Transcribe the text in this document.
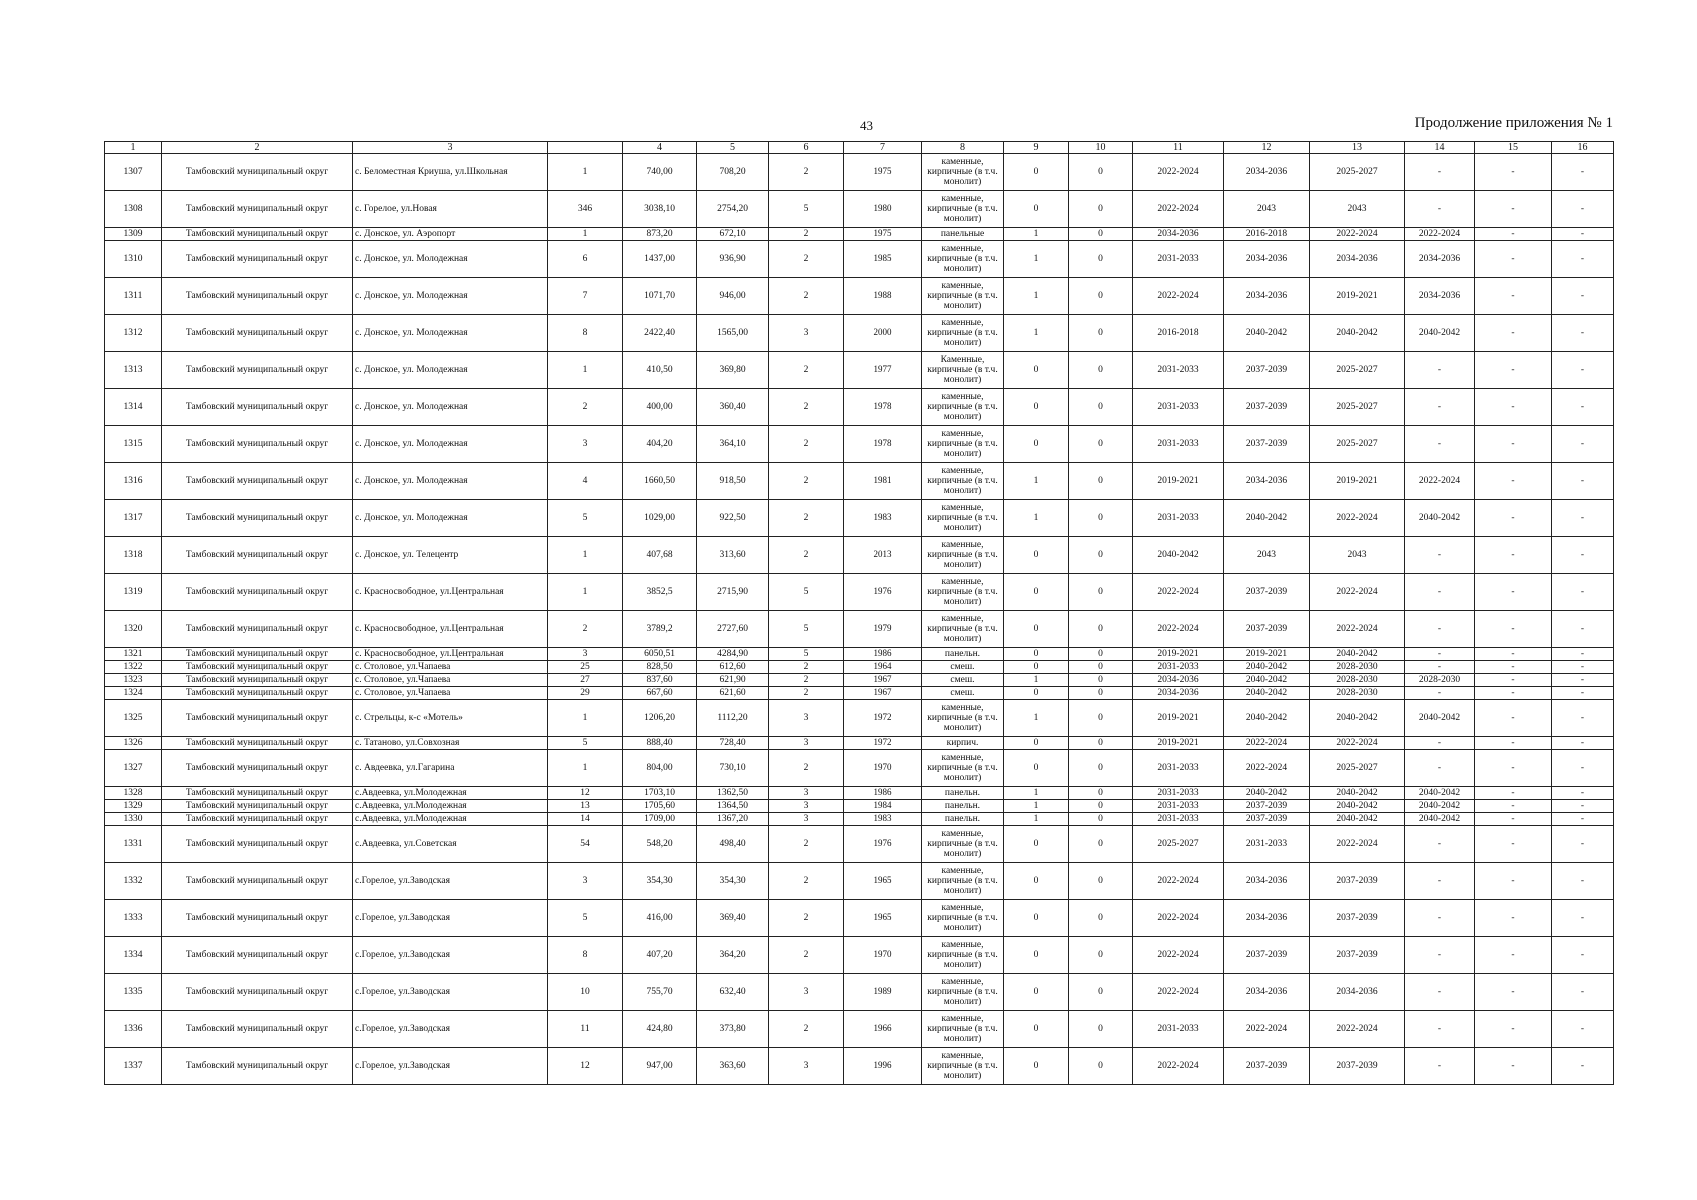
43	Продолжение приложения № 1
1	2	3		4	5	6	7	8	9	10	11	12	13	14	15	16
1307	Тамбовский муниципальный округ	с. Беломестная Криуша, ул.Школьная	1	740,00	708,20	2	1975	каменные, кирпичные (в т.ч. монолит)	0	0	2022-2024	2034-2036	2025-2027	-	-	-
1308	Тамбовский муниципальный округ	с. Горелое, ул.Новая	346	3038,10	2754,20	5	1980	каменные, кирпичные (в т.ч. монолит)	0	0	2022-2024	2043	2043	-	-	-
1309	Тамбовский муниципальный округ	с. Донское, ул. Аэропорт	1	873,20	672,10	2	1975	панельные	1	0	2034-2036	2016-2018	2022-2024	2022-2024	-	-
1310	Тамбовский муниципальный округ	с. Донское, ул. Молодежная	6	1437,00	936,90	2	1985	каменные, кирпичные (в т.ч. монолит)	1	0	2031-2033	2034-2036	2034-2036	2034-2036	-	-
1311	Тамбовский муниципальный округ	с. Донское, ул. Молодежная	7	1071,70	946,00	2	1988	каменные, кирпичные (в т.ч. монолит)	1	0	2022-2024	2034-2036	2019-2021	2034-2036	-	-
1312	Тамбовский муниципальный округ	с. Донское, ул. Молодежная	8	2422,40	1565,00	3	2000	каменные, кирпичные (в т.ч. монолит)	1	0	2016-2018	2040-2042	2040-2042	2040-2042	-	-
1313	Тамбовский муниципальный округ	с. Донское, ул. Молодежная	1	410,50	369,80	2	1977	Каменные, кирпичные (в т.ч. монолит)	0	0	2031-2033	2037-2039	2025-2027	-	-	-
1314	Тамбовский муниципальный округ	с. Донское, ул. Молодежная	2	400,00	360,40	2	1978	каменные, кирпичные (в т.ч. монолит)	0	0	2031-2033	2037-2039	2025-2027	-	-	-
1315	Тамбовский муниципальный округ	с. Донское, ул. Молодежная	3	404,20	364,10	2	1978	каменные, кирпичные (в т.ч. монолит)	0	0	2031-2033	2037-2039	2025-2027	-	-	-
1316	Тамбовский муниципальный округ	с. Донское, ул. Молодежная	4	1660,50	918,50	2	1981	каменные, кирпичные (в т.ч. монолит)	1	0	2019-2021	2034-2036	2019-2021	2022-2024	-	-
1317	Тамбовский муниципальный округ	с. Донское, ул. Молодежная	5	1029,00	922,50	2	1983	каменные, кирпичные (в т.ч. монолит)	1	0	2031-2033	2040-2042	2022-2024	2040-2042	-	-
1318	Тамбовский муниципальный округ	с. Донское, ул. Телецентр	1	407,68	313,60	2	2013	каменные, кирпичные (в т.ч. монолит)	0	0	2040-2042	2043	2043	-	-	-
1319	Тамбовский муниципальный округ	с. Красносвободное, ул.Центральная	1	3852,5	2715,90	5	1976	каменные, кирпичные (в т.ч. монолит)	0	0	2022-2024	2037-2039	2022-2024	-	-	-
1320	Тамбовский муниципальный округ	с. Красносвободное, ул.Центральная	2	3789,2	2727,60	5	1979	каменные, кирпичные (в т.ч. монолит)	0	0	2022-2024	2037-2039	2022-2024	-	-	-
1321	Тамбовский муниципальный округ	с. Красносвободное, ул.Центральная	3	6050,51	4284,90	5	1986	панельн.	0	0	2019-2021	2019-2021	2040-2042	-	-	-
1322	Тамбовский муниципальный округ	с. Столовое, ул.Чапаева	25	828,50	612,60	2	1964	смеш.	0	0	2031-2033	2040-2042	2028-2030	-	-	-
1323	Тамбовский муниципальный округ	с. Столовое, ул.Чапаева	27	837,60	621,90	2	1967	смеш.	1	0	2034-2036	2040-2042	2028-2030	2028-2030	-	-
1324	Тамбовский муниципальный округ	с. Столовое, ул.Чапаева	29	667,60	621,60	2	1967	смеш.	0	0	2034-2036	2040-2042	2028-2030	-	-	-
1325	Тамбовский муниципальный округ	с. Стрельцы, к-с «Мотель»	1	1206,20	1112,20	3	1972	каменные, кирпичные (в т.ч. монолит)	1	0	2019-2021	2040-2042	2040-2042	2040-2042	-	-
1326	Тамбовский муниципальный округ	с. Татаново, ул.Совхозная	5	888,40	728,40	3	1972	кирпич.	0	0	2019-2021	2022-2024	2022-2024	-	-	-
1327	Тамбовский муниципальный округ	с. Авдеевка, ул.Гагарина	1	804,00	730,10	2	1970	каменные, кирпичные (в т.ч. монолит)	0	0	2031-2033	2022-2024	2025-2027	-	-	-
1328	Тамбовский муниципальный округ	с.Авдеевка, ул.Молодежная	12	1703,10	1362,50	3	1986	панельн.	1	0	2031-2033	2040-2042	2040-2042	2040-2042	-	-
1329	Тамбовский муниципальный округ	с.Авдеевка, ул.Молодежная	13	1705,60	1364,50	3	1984	панельн.	1	0	2031-2033	2037-2039	2040-2042	2040-2042	-	-
1330	Тамбовский муниципальный округ	с.Авдеевка, ул.Молодежная	14	1709,00	1367,20	3	1983	панельн.	1	0	2031-2033	2037-2039	2040-2042	2040-2042	-	-
1331	Тамбовский муниципальный округ	с.Авдеевка, ул.Советская	54	548,20	498,40	2	1976	каменные, кирпичные (в т.ч. монолит)	0	0	2025-2027	2031-2033	2022-2024	-	-	-
1332	Тамбовский муниципальный округ	с.Горелое, ул.Заводская	3	354,30	354,30	2	1965	каменные, кирпичные (в т.ч. монолит)	0	0	2022-2024	2034-2036	2037-2039	-	-	-
1333	Тамбовский муниципальный округ	с.Горелое, ул.Заводская	5	416,00	369,40	2	1965	каменные, кирпичные (в т.ч. монолит)	0	0	2022-2024	2034-2036	2037-2039	-	-	-
1334	Тамбовский муниципальный округ	с.Горелое, ул.Заводская	8	407,20	364,20	2	1970	каменные, кирпичные (в т.ч. монолит)	0	0	2022-2024	2037-2039	2037-2039	-	-	-
1335	Тамбовский муниципальный округ	с.Горелое, ул.Заводская	10	755,70	632,40	3	1989	каменные, кирпичные (в т.ч. монолит)	0	0	2022-2024	2034-2036	2034-2036	-	-	-
1336	Тамбовский муниципальный округ	с.Горелое, ул.Заводская	11	424,80	373,80	2	1966	каменные, кирпичные (в т.ч. монолит)	0	0	2031-2033	2022-2024	2022-2024	-	-	-
1337	Тамбовский муниципальный округ	с.Горелое, ул.Заводская	12	947,00	363,60	3	1996	каменные, кирпичные (в т.ч. монолит)	0	0	2022-2024	2037-2039	2037-2039	-	-	-
